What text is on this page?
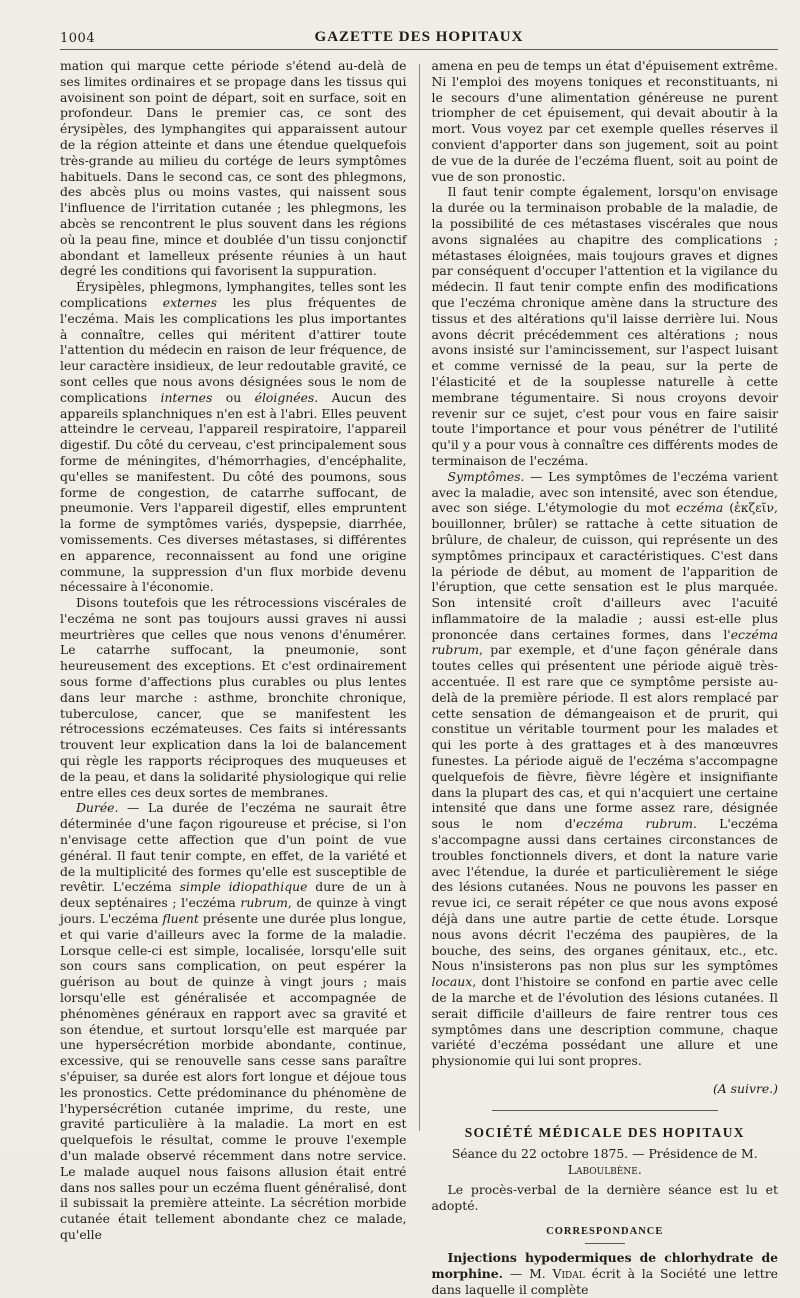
1004	GAZETTE DES HOPITAUX

mation qui marque cette période s'étend au-delà de ses limites ordinaires et se propage dans les tissus qui avoisinent son point de départ, soit en surface, soit en profondeur. Dans le premier cas, ce sont des érysipèles, des lymphangites qui apparaissent autour de la région atteinte et dans une étendue quelquefois très-grande au milieu du cortége de leurs symptômes habituels. Dans le second cas, ce sont des phlegmons, des abcès plus ou moins vastes, qui naissent sous l'influence de l'irritation cutanée ; les phlegmons, les abcès se rencontrent le plus souvent dans les régions où la peau fine, mince et doublée d'un tissu conjonctif abondant et lamelleux présente réunies à un haut degré les conditions qui favorisent la suppuration.

Érysipèles, phlegmons, lymphangites, telles sont les complications externes les plus fréquentes de l'eczéma. Mais les complications les plus importantes à connaître, celles qui méritent d'attirer toute l'attention du médecin en raison de leur fréquence, de leur caractère insidieux, de leur redoutable gravité, ce sont celles que nous avons désignées sous le nom de complications internes ou éloignées. Aucun des appareils splanchniques n'en est à l'abri. Elles peuvent atteindre le cerveau, l'appareil respiratoire, l'appareil digestif. Du côté du cerveau, c'est principalement sous forme de méningites, d'hémorrhagies, d'encéphalite, qu'elles se manifestent. Du côté des poumons, sous forme de congestion, de catarrhe suffocant, de pneumonie. Vers l'appareil digestif, elles empruntent la forme de symptômes variés, dyspepsie, diarrhée, vomissements. Ces diverses métastases, si différentes en apparence, reconnaissent au fond une origine commune, la suppression d'un flux morbide devenu nécessaire à l'économie.

Disons toutefois que les rétrocessions viscérales de l'eczéma ne sont pas toujours aussi graves ni aussi meurtrières que celles que nous venons d'énumérer. Le catarrhe suffocant, la pneumonie, sont heureusement des exceptions. Et c'est ordinairement sous forme d'affections plus curables ou plus lentes dans leur marche : asthme, bronchite chronique, tuberculose, cancer, que se manifestent les rétrocessions eczémateuses. Ces faits si intéressants trouvent leur explication dans la loi de balancement qui règle les rapports réciproques des muqueuses et de la peau, et dans la solidarité physiologique qui relie entre elles ces deux sortes de membranes.

Durée. — La durée de l'eczéma ne saurait être déterminée d'une façon rigoureuse et précise, si l'on n'envisage cette affection que d'un point de vue général. Il faut tenir compte, en effet, de la variété et de la multiplicité des formes qu'elle est susceptible de revêtir. L'eczéma simple idiopathique dure de un à deux septénaires ; l'eczéma rubrum, de quinze à vingt jours. L'eczéma fluent présente une durée plus longue, et qui varie d'ailleurs avec la forme de la maladie. Lorsque celle-ci est simple, localisée, lorsqu'elle suit son cours sans complication, on peut espérer la guérison au bout de quinze à vingt jours ; mais lorsqu'elle est généralisée et accompagnée de phénomènes généraux en rapport avec sa gravité et son étendue, et surtout lorsqu'elle est marquée par une hypersécrétion morbide abondante, continue, excessive, qui se renouvelle sans cesse sans paraître s'épuiser, sa durée est alors fort longue et déjoue tous les pronostics. Cette prédominance du phénomène de l'hypersécrétion cutanée imprime, du reste, une gravité particulière à la maladie. La mort en est quelquefois le résultat, comme le prouve l'exemple d'un malade observé récemment dans notre service. Le malade auquel nous faisons allusion était entré dans nos salles pour un eczéma fluent généralisé, dont il subissait la première atteinte. La sécrétion morbide cutanée était tellement abondante chez ce malade, qu'elle

amena en peu de temps un état d'épuisement extrême. Ni l'emploi des moyens toniques et reconstituants, ni le secours d'une alimentation généreuse ne purent triompher de cet épuisement, qui devait aboutir à la mort. Vous voyez par cet exemple quelles réserves il convient d'apporter dans son jugement, soit au point de vue de la durée de l'eczéma fluent, soit au point de vue de son pronostic.

Il faut tenir compte également, lorsqu'on envisage la durée ou la terminaison probable de la maladie, de la possibilité de ces métastases viscérales que nous avons signalées au chapitre des complications ; métastases éloignées, mais toujours graves et dignes par conséquent d'occuper l'attention et la vigilance du médecin. Il faut tenir compte enfin des modifications que l'eczéma chronique amène dans la structure des tissus et des altérations qu'il laisse derrière lui. Nous avons décrit précédemment ces altérations ; nous avons insisté sur l'amincissement, sur l'aspect luisant et comme vernissé de la peau, sur la perte de l'élasticité et de la souplesse naturelle à cette membrane tégumentaire. Si nous croyons devoir revenir sur ce sujet, c'est pour vous en faire saisir toute l'importance et pour vous pénétrer de l'utilité qu'il y a pour vous à connaître ces différents modes de terminaison de l'eczéma.

Symptômes. — Les symptômes de l'eczéma varient avec la maladie, avec son intensité, avec son étendue, avec son siége. L'étymologie du mot eczéma (ἐκζεῖν, bouillonner, brûler) se rattache à cette situation de brûlure, de chaleur, de cuisson, qui représente un des symptômes principaux et caractéristiques. C'est dans la période de début, au moment de l'apparition de l'éruption, que cette sensation est le plus marquée. Son intensité croît d'ailleurs avec l'acuité inflammatoire de la maladie ; aussi est-elle plus prononcée dans certaines formes, dans l'eczéma rubrum, par exemple, et d'une façon générale dans toutes celles qui présentent une période aiguë très-accentuée. Il est rare que ce symptôme persiste au-delà de la première période. Il est alors remplacé par cette sensation de démangeaison et de prurit, qui constitue un véritable tourment pour les malades et qui les porte à des grattages et à des manœuvres funestes. La période aiguë de l'eczéma s'accompagne quelquefois de fièvre, fièvre légère et insignifiante dans la plupart des cas, et qui n'acquiert une certaine intensité que dans une forme assez rare, désignée sous le nom d'eczéma rubrum. L'eczéma s'accompagne aussi dans certaines circonstances de troubles fonctionnels divers, et dont la nature varie avec l'étendue, la durée et particulièrement le siége des lésions cutanées. Nous ne pouvons les passer en revue ici, ce serait répéter ce que nous avons exposé déjà dans une autre partie de cette étude. Lorsque nous avons décrit l'eczéma des paupières, de la bouche, des seins, des organes génitaux, etc., etc. Nous n'insisterons pas non plus sur les symptômes locaux, dont l'histoire se confond en partie avec celle de la marche et de l'évolution des lésions cutanées. Il serait difficile d'ailleurs de faire rentrer tous ces symptômes dans une description commune, chaque variété d'eczéma possédant une allure et une physionomie qui lui sont propres.

(A suivre.)

SOCIÉTÉ MÉDICALE DES HOPITAUX
Séance du 22 octobre 1875. — Présidence de M. Laboulbène.

Le procès-verbal de la dernière séance est lu et adopté.

CORRESPONDANCE

Injections hypodermiques de chlorhydrate de morphine. — M. Vidal écrit à la Société une lettre dans laquelle il complète
